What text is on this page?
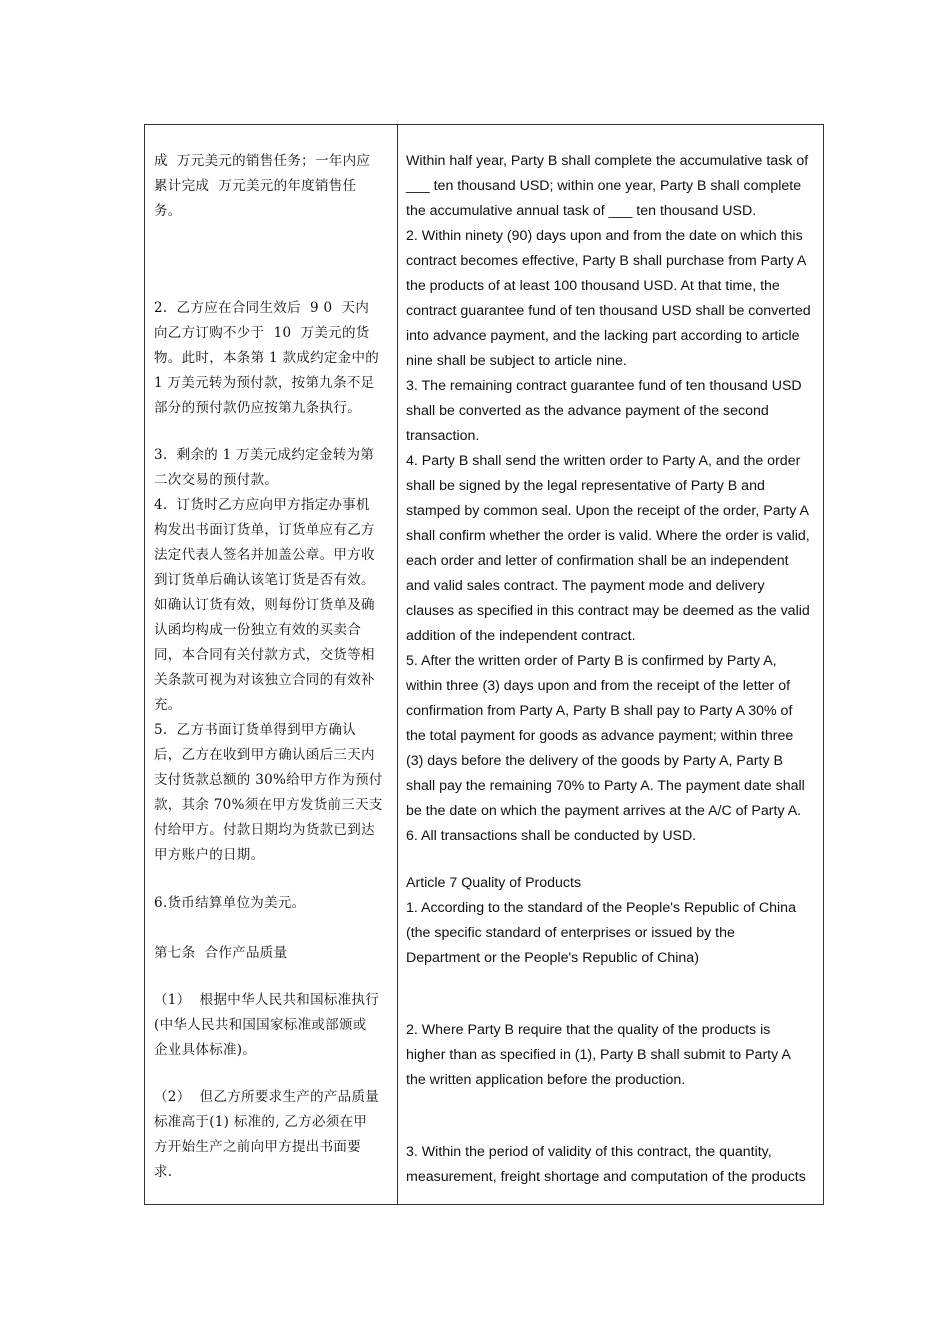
成  万元美元的销售任务；一年内应
累计完成  万元美元的年度销售任
务。
2.  乙方应在合同生效后  9 0  天内
向乙方订购不少于  10  万美元的货
物。此时，本条第 1 款成约定金中的
1 万美元转为预付款，按第九条不足
部分的预付款仍应按第九条执行。
3.  剩余的 1 万美元成约定金转为第
二次交易的预付款。
4.  订货时乙方应向甲方指定办事机
构发出书面订货单，订货单应有乙方
法定代表人签名并加盖公章。甲方收
到订货单后确认该笔订货是否有效。
如确认订货有效，则每份订货单及确
认函均构成一份独立有效的买卖合
同，本合同有关付款方式，交货等相
关条款可视为对该独立合同的有效补
充。
5.  乙方书面订货单得到甲方确认
后，乙方在收到甲方确认函后三天内
支付货款总额的 30%给甲方作为预付
款，其余 70%须在甲方发货前三天支
付给甲方。付款日期均为货款已到达
甲方账户的日期。
6.货币结算单位为美元。
第七条  合作产品质量
（1）  根据中华人民共和国标准执行
(中华人民共和国国家标准或部颁或
企业具体标准)。
（2）  但乙方所要求生产的产品质量
标准高于(1) 标准的, 乙方必须在甲
方开始生产之前向甲方提出书面要
求.
Within half year, Party B shall complete the accumulative task of
___ ten thousand USD; within one year, Party B shall complete
the accumulative annual task of ___ ten thousand USD.
2. Within ninety (90) days upon and from the date on which this
contract becomes effective, Party B shall purchase from Party A
the products of at least 100 thousand USD. At that time, the
contract guarantee fund of ten thousand USD shall be converted
into advance payment, and the lacking part according to article
nine shall be subject to article nine.
3. The remaining contract guarantee fund of ten thousand USD
shall be converted as the advance payment of the second
transaction.
4. Party B shall send the written order to Party A, and the order
shall be signed by the legal representative of Party B and
stamped by common seal. Upon the receipt of the order, Party A
shall confirm whether the order is valid. Where the order is valid,
each order and letter of confirmation shall be an independent
and valid sales contract. The payment mode and delivery
clauses as specified in this contract may be deemed as the valid
addition of the independent contract.
5. After the written order of Party B is confirmed by Party A,
within three (3) days upon and from the receipt of the letter of
confirmation from Party A, Party B shall pay to Party A 30% of
the total payment for goods as advance payment; within three
(3) days before the delivery of the goods by Party A, Party B
shall pay the remaining 70% to Party A. The payment date shall
be the date on which the payment arrives at the A/C of Party A.
6. All transactions shall be conducted by USD.
Article 7 Quality of Products
1. According to the standard of the People's Republic of China
(the specific standard of enterprises or issued by the
Department or the People's Republic of China)
2. Where Party B require that the quality of the products is
higher than as specified in (1), Party B shall submit to Party A
the written application before the production.
3. Within the period of validity of this contract, the quantity,
measurement, freight shortage and computation of the products
